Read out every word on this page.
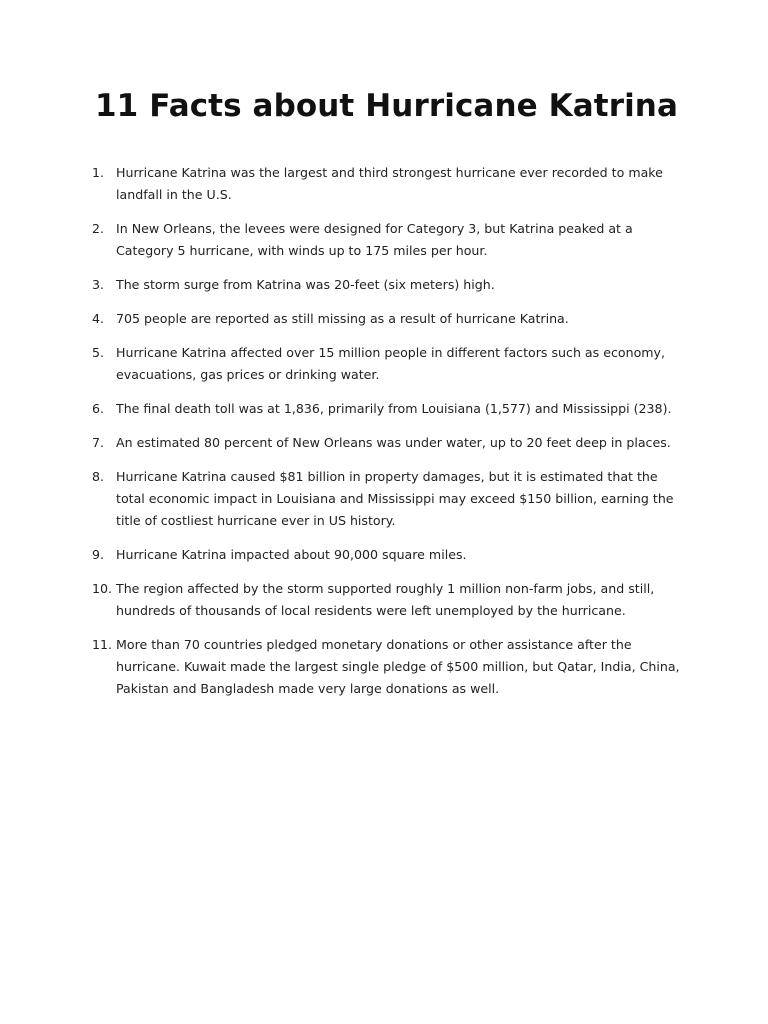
11 Facts about Hurricane Katrina
1. Hurricane Katrina was the largest and third strongest hurricane ever recorded to make landfall in the U.S.
2. In New Orleans, the levees were designed for Category 3, but Katrina peaked at a Category 5 hurricane, with winds up to 175 miles per hour.
3. The storm surge from Katrina was 20-feet (six meters) high.
4. 705 people are reported as still missing as a result of hurricane Katrina.
5. Hurricane Katrina affected over 15 million people in different factors such as economy, evacuations, gas prices or drinking water.
6. The final death toll was at 1,836, primarily from Louisiana (1,577) and Mississippi (238).
7. An estimated 80 percent of New Orleans was under water, up to 20 feet deep in places.
8. Hurricane Katrina caused $81 billion in property damages, but it is estimated that the total economic impact in Louisiana and Mississippi may exceed $150 billion, earning the title of costliest hurricane ever in US history.
9. Hurricane Katrina impacted about 90,000 square miles.
10. The region affected by the storm supported roughly 1 million non-farm jobs, and still, hundreds of thousands of local residents were left unemployed by the hurricane.
11. More than 70 countries pledged monetary donations or other assistance after the hurricane. Kuwait made the largest single pledge of $500 million, but Qatar, India, China, Pakistan and Bangladesh made very large donations as well.
